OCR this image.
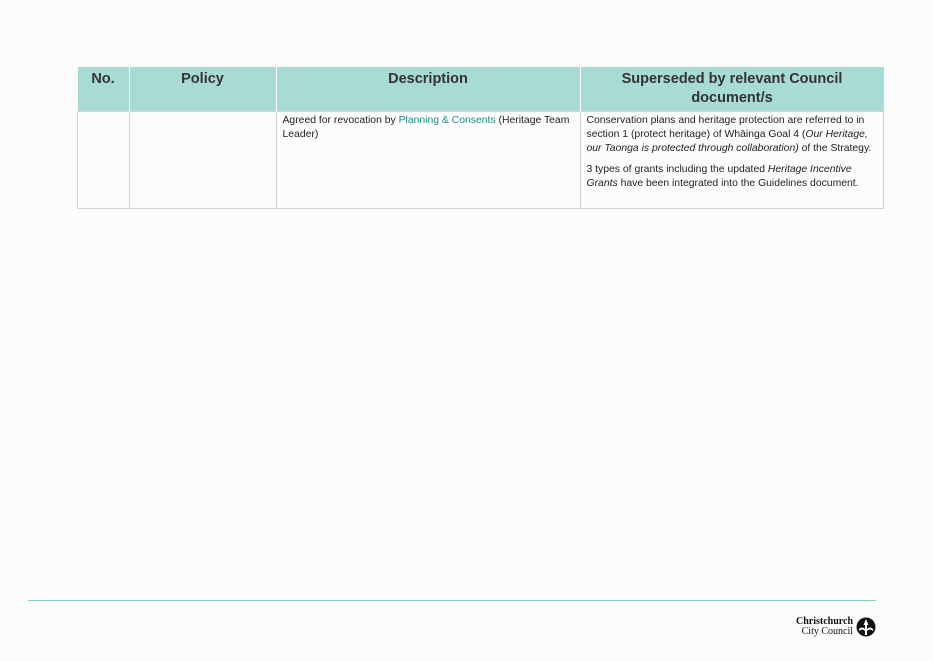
No.	Policy	Description	Superseded by relevant Council document/s
		Agreed for revocation by Planning & Consents (Heritage Team Leader)	Conservation plans and heritage protection are referred to in section 1 (protect heritage) of Whāinga Goal 4 (Our Heritage, our Taonga is protected through collaboration) of the Strategy.

3 types of grants including the updated Heritage Incentive Grants have been integrated into the Guidelines document.

Christchurch
City Council
